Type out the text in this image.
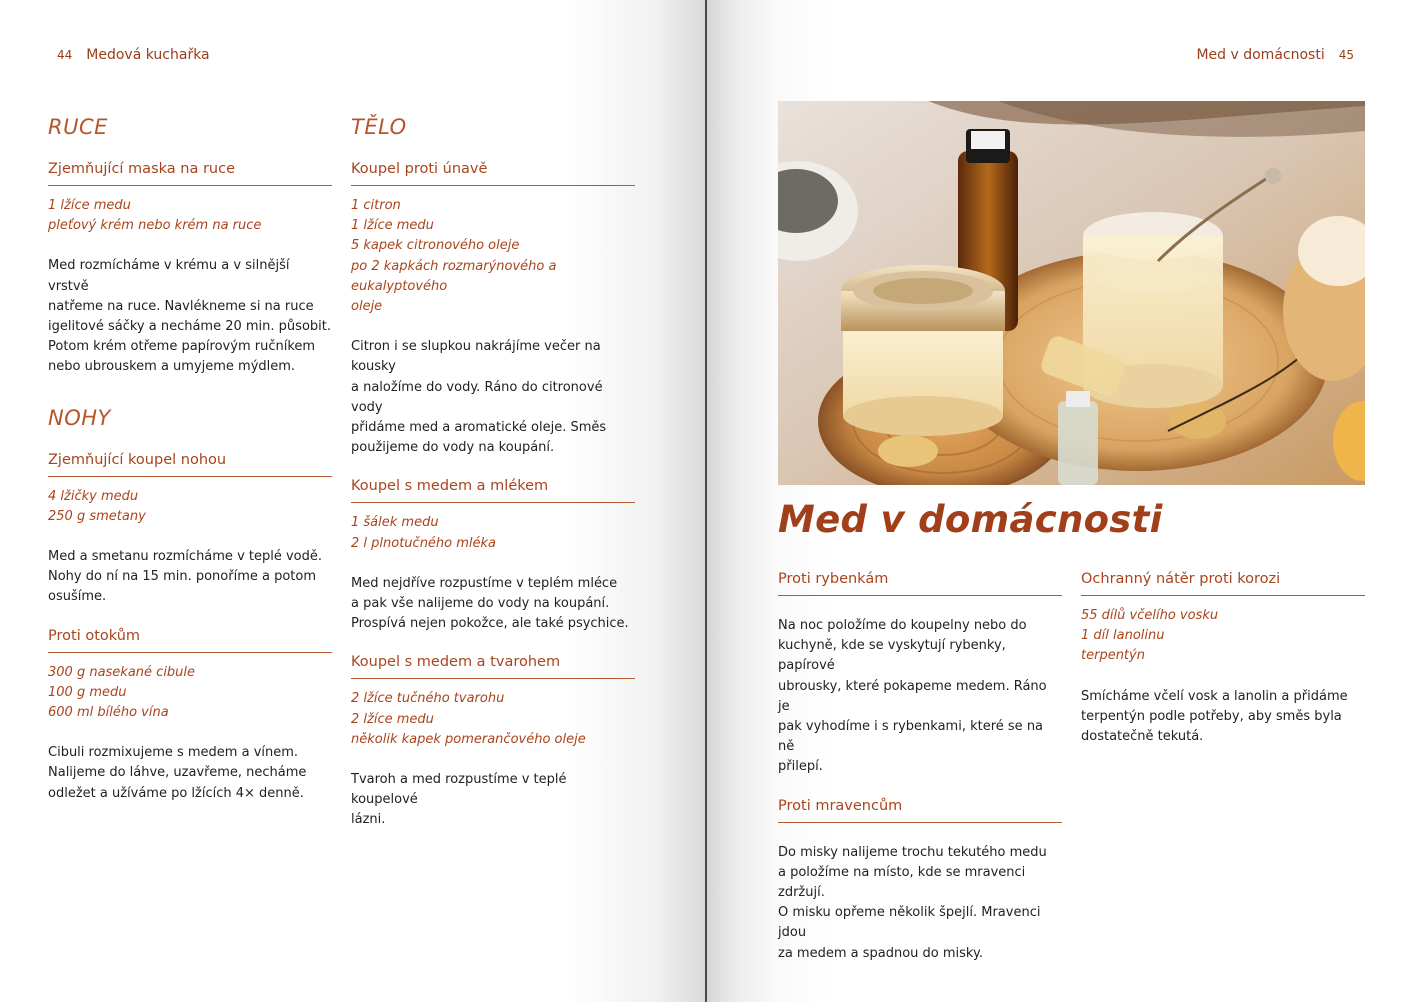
44 Medová kuchařka	Med v domácnosti 45
RUCE
Zjemňující maska na ruce
1 lžíce medu
pleťový krém nebo krém na ruce
Med rozmícháme v krému a v silnější vrstvě
natřeme na ruce. Navlékneme si na ruce
igelitové sáčky a necháme 20 min. působit.
Potom krém otřeme papírovým ručníkem
nebo ubrouskem a umyjeme mýdlem.
NOHY
Zjemňující koupel nohou
4 lžičky medu
250 g smetany
Med a smetanu rozmícháme v teplé vodě.
Nohy do ní na 15 min. ponoříme a potom
osušíme.
Proti otokům
300 g nasekané cibule
100 g medu
600 ml bílého vína
Cibuli rozmixujeme s medem a vínem.
Nalijeme do láhve, uzavřeme, necháme
odležet a užíváme po lžících 4× denně.
TĚLO
Koupel proti únavě
1 citron
1 lžíce medu
5 kapek citronového oleje
po 2 kapkách rozmarýnového a eukalyptového
oleje
Citron i se slupkou nakrájíme večer na kousky
a naložíme do vody. Ráno do citronové vody
přidáme med a aromatické oleje. Směs
použijeme do vody na koupání.
Koupel s medem a mlékem
1 šálek medu
2 l plnotučného mléka
Med nejdříve rozpustíme v teplém mléce
a pak vše nalijeme do vody na koupání.
Prospívá nejen pokožce, ale také psychice.
Koupel s medem a tvarohem
2 lžíce tučného tvarohu
2 lžíce medu
několik kapek pomerančového oleje
Tvaroh a med rozpustíme v teplé koupelové
lázni.
Med v domácnosti
Proti rybenkám
Na noc položíme do koupelny nebo do
kuchyně, kde se vyskytují rybenky, papírové
ubrousky, které pokapeme medem. Ráno je
pak vyhodíme i s rybenkami, které se na ně
přilepí.
Proti mravencům
Do misky nalijeme trochu tekutého medu
a položíme na místo, kde se mravenci zdržují.
O misku opřeme několik špejlí. Mravenci jdou
za medem a spadnou do misky.
Ochranný nátěr proti korozi
55 dílů včelího vosku
1 díl lanolinu
terpentýn
Smícháme včelí vosk a lanolin a přidáme
terpentýn podle potřeby, aby směs byla
dostatečně tekutá.
